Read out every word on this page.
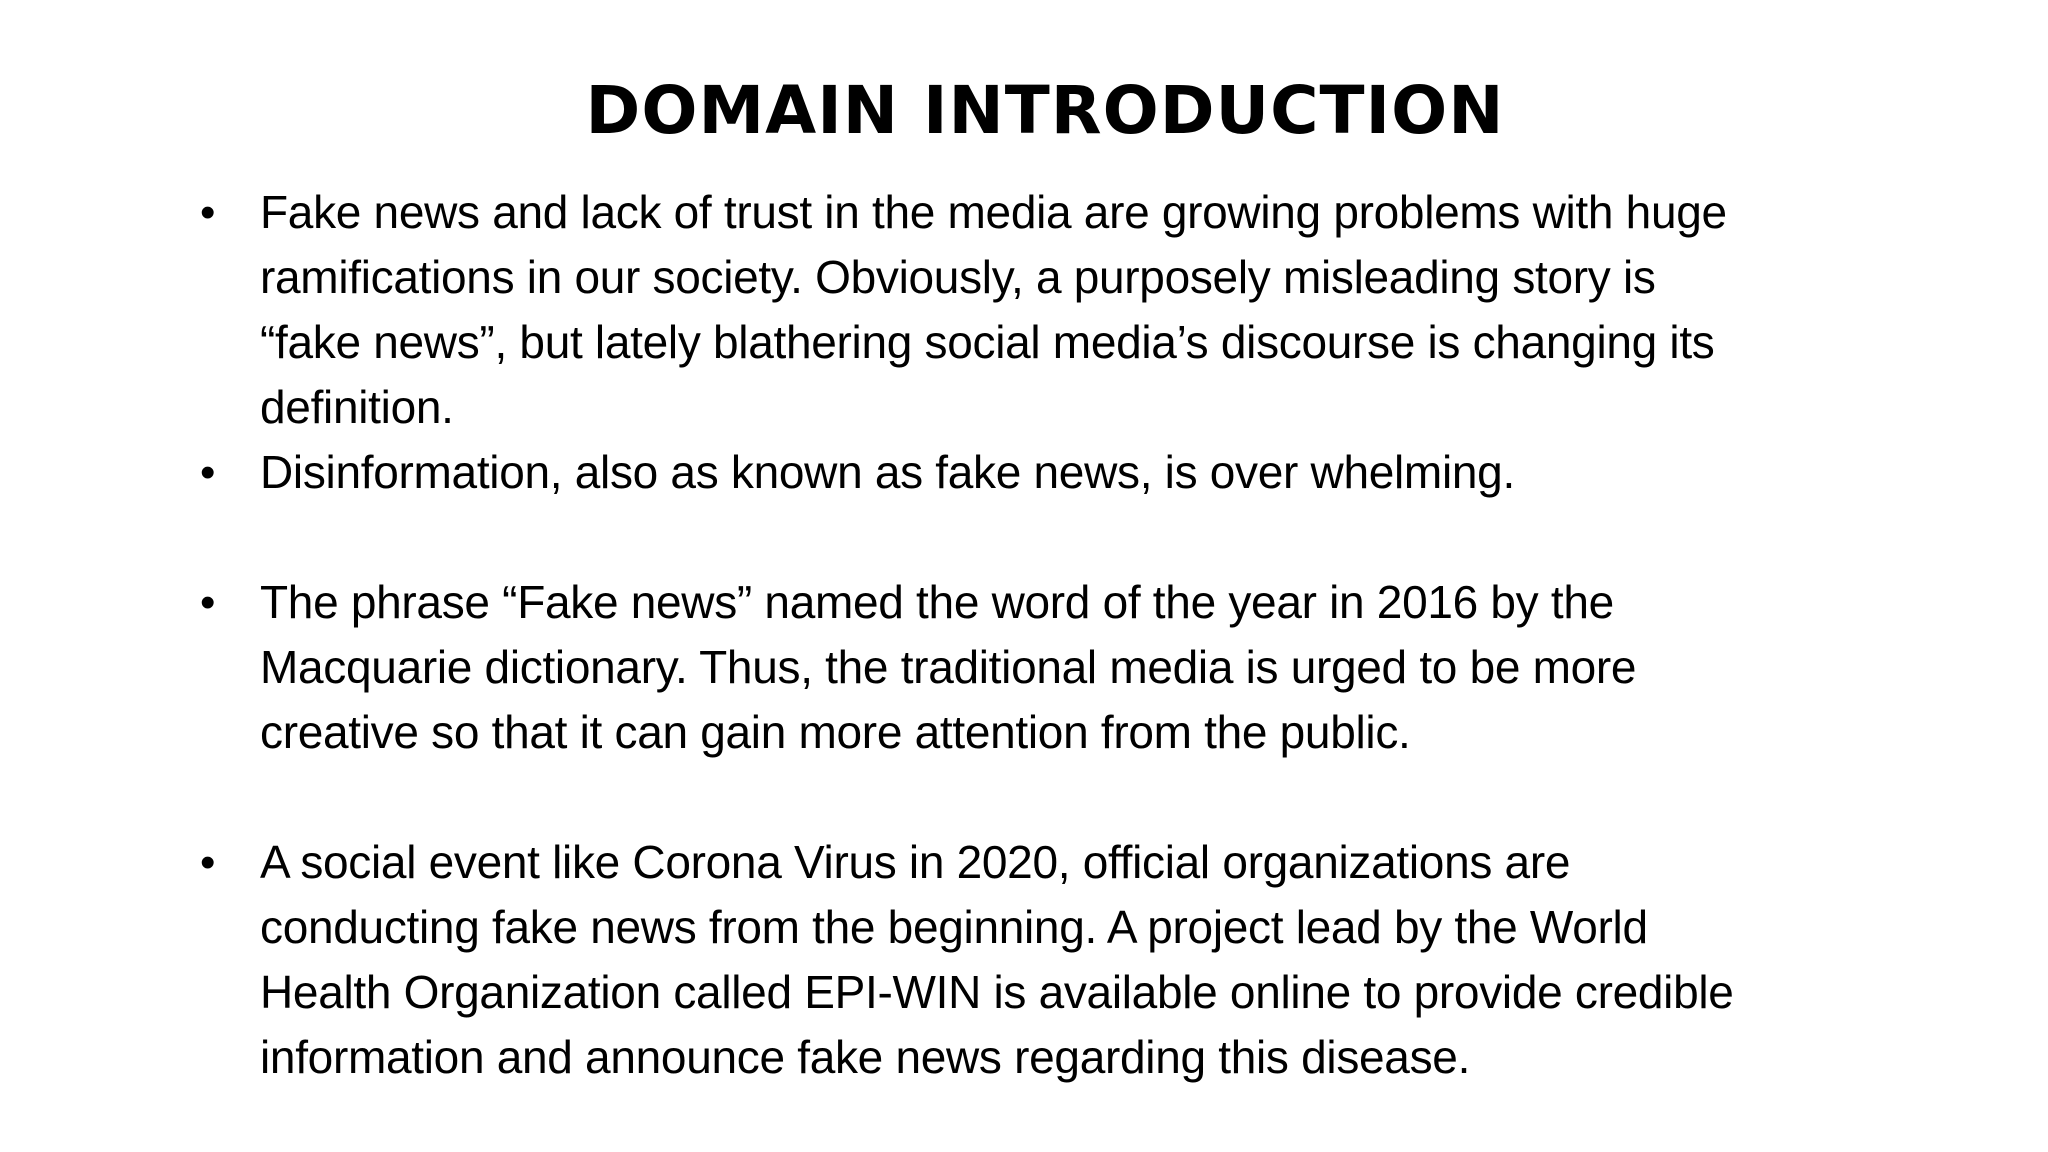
DOMAIN INTRODUCTION
• Fake news and lack of trust in the media are growing problems with huge
ramifications in our society. Obviously, a purposely misleading story is
“fake news”, but lately blathering social media’s discourse is changing its
definition.
• Disinformation, also as known as fake news, is over whelming.
• The phrase “Fake news” named the word of the year in 2016 by the
Macquarie dictionary. Thus, the traditional media is urged to be more
creative so that it can gain more attention from the public.
• A social event like Corona Virus in 2020, official organizations are
conducting fake news from the beginning. A project lead by the World
Health Organization called EPI-WIN is available online to provide credible
information and announce fake news regarding this disease.
